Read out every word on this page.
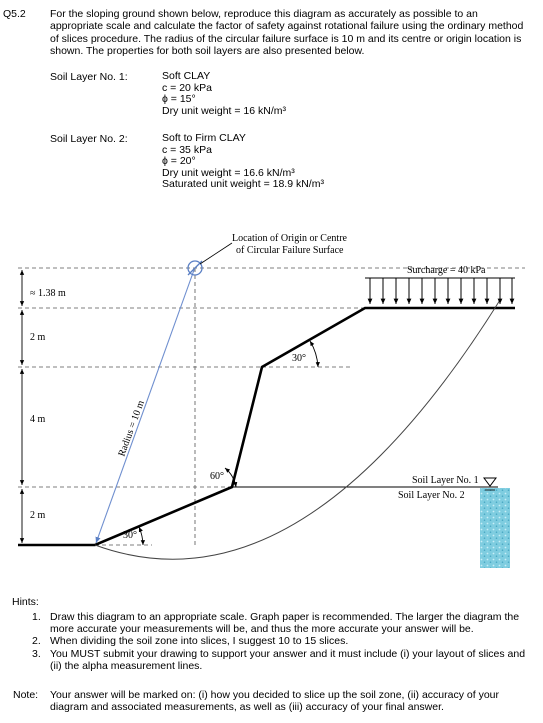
Q5.2 For the sloping ground shown below, reproduce this diagram as accurately as possible to an appropriate scale and calculate the factor of safety against rotational failure using the ordinary method of slices procedure. The radius of the circular failure surface is 10 m and its centre or origin location is shown. The properties for both soil layers are also presented below.
Soil Layer No. 1:	Soft CLAY
c = 20 kPa
ϕ = 15°
Dry unit weight = 16 kN/m³
Soil Layer No. 2:	Soft to Firm CLAY
c = 35 kPa
ϕ = 20°
Dry unit weight = 16.6 kN/m³
Saturated unit weight = 18.9 kN/m³
Location of Origin or Centre
of Circular Failure Surface
Surcharge = 40 kPa
≈ 1.38 m
2 m
4 m
2 m
Radius = 10 m
30°
60°
30°
Soil Layer No. 1
Soil Layer No. 2
Hints:
1. Draw this diagram to an appropriate scale. Graph paper is recommended. The larger the diagram the more accurate your measurements will be, and thus the more accurate your answer will be.
2. When dividing the soil zone into slices, I suggest 10 to 15 slices.
3. You MUST submit your drawing to support your answer and it must include (i) your layout of slices and (ii) the alpha measurement lines.
Note: Your answer will be marked on: (i) how you decided to slice up the soil zone, (ii) accuracy of your diagram and associated measurements, as well as (iii) accuracy of your final answer.
